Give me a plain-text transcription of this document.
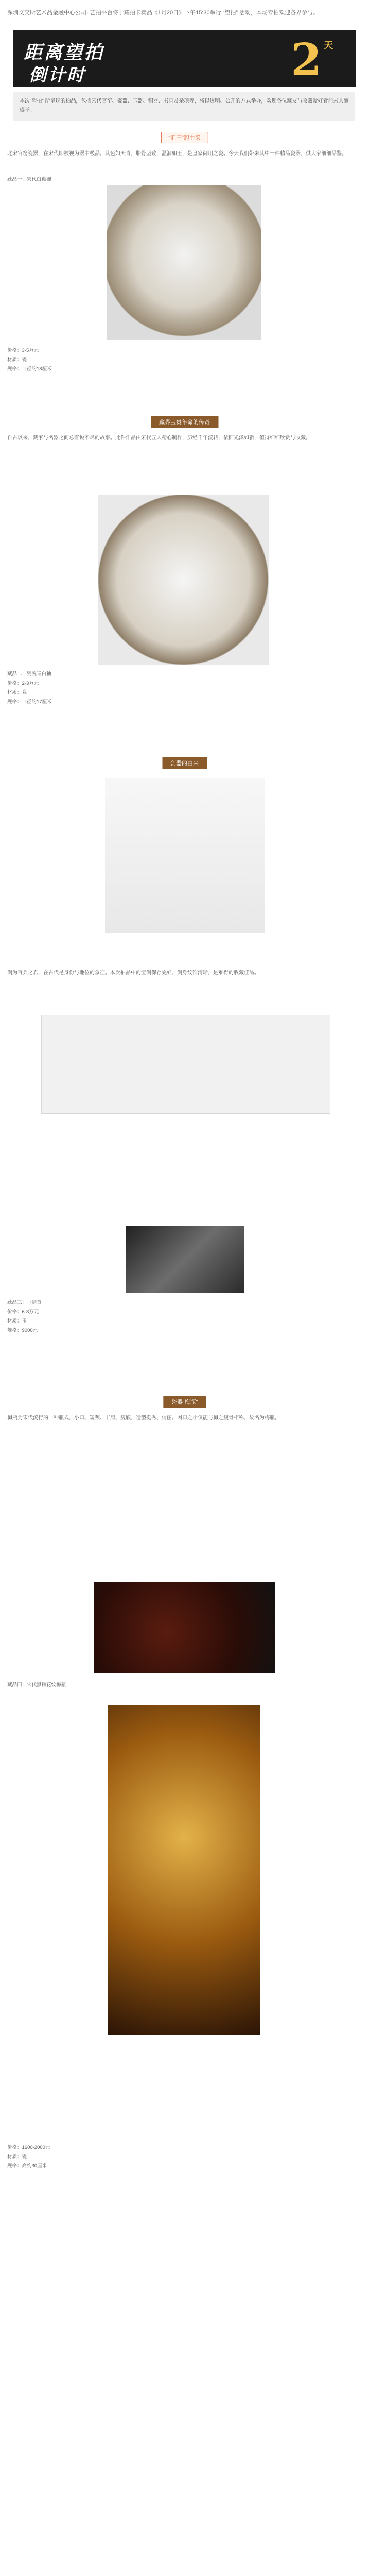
深圳文交所艺术品金融中心公司· 艺拍平台将于藏拍卡卖品《1月20日》下午15:30举行 “望拍” 活动，本场专拍欢迎各界参与。
距离望拍
倒计时	2 天
本次“望拍” 所呈现的拍品，包括宋代官窑、瓷器、玉器、铜器、书画及杂项等，将以透明、公开的方式举办，欢迎各位藏友与收藏爱好者前来共襄盛举。
“汇丰”的由来
北宋官窑瓷器，在宋代即被视为器中极品。其色如天青，胎骨坚致，温润如玉，是皇家御用之瓷。今天我们带来其中一件精品瓷器，供大家细细品鉴。
藏品一：宋代白釉碗
价格：3-5万元
材质：瓷
规格：口径约18厘米
藏界宝贵年命的传奇
自古以来，藏家与名器之间总有说不尽的故事。此件作品由宋代匠人精心制作，历经千年流转，依旧光泽如新，值得细细欣赏与收藏。
藏品二：瓷碗青白釉
价格：2-3万元
材质：瓷
规格：口径约17厘米
剑器的由来
剑为百兵之君，在古代是身份与地位的象征。本次拍品中的宝剑保存完好，剑身纹饰清晰，是难得的收藏佳品。
藏品三：玉剑首
价格：6-8万元
材质：玉
规格：9000元
瓷器“梅瓶”
梅瓶为宋代流行的一种瓶式，小口、短颈、丰肩、瘦底，造型挺秀、俏丽。因口之小仅能与梅之瘦骨相称，故名为梅瓶。
藏品四：宋代黑釉花纹梅瓶
价格：1600-2000元
材质：瓷
规格：高约30厘米
